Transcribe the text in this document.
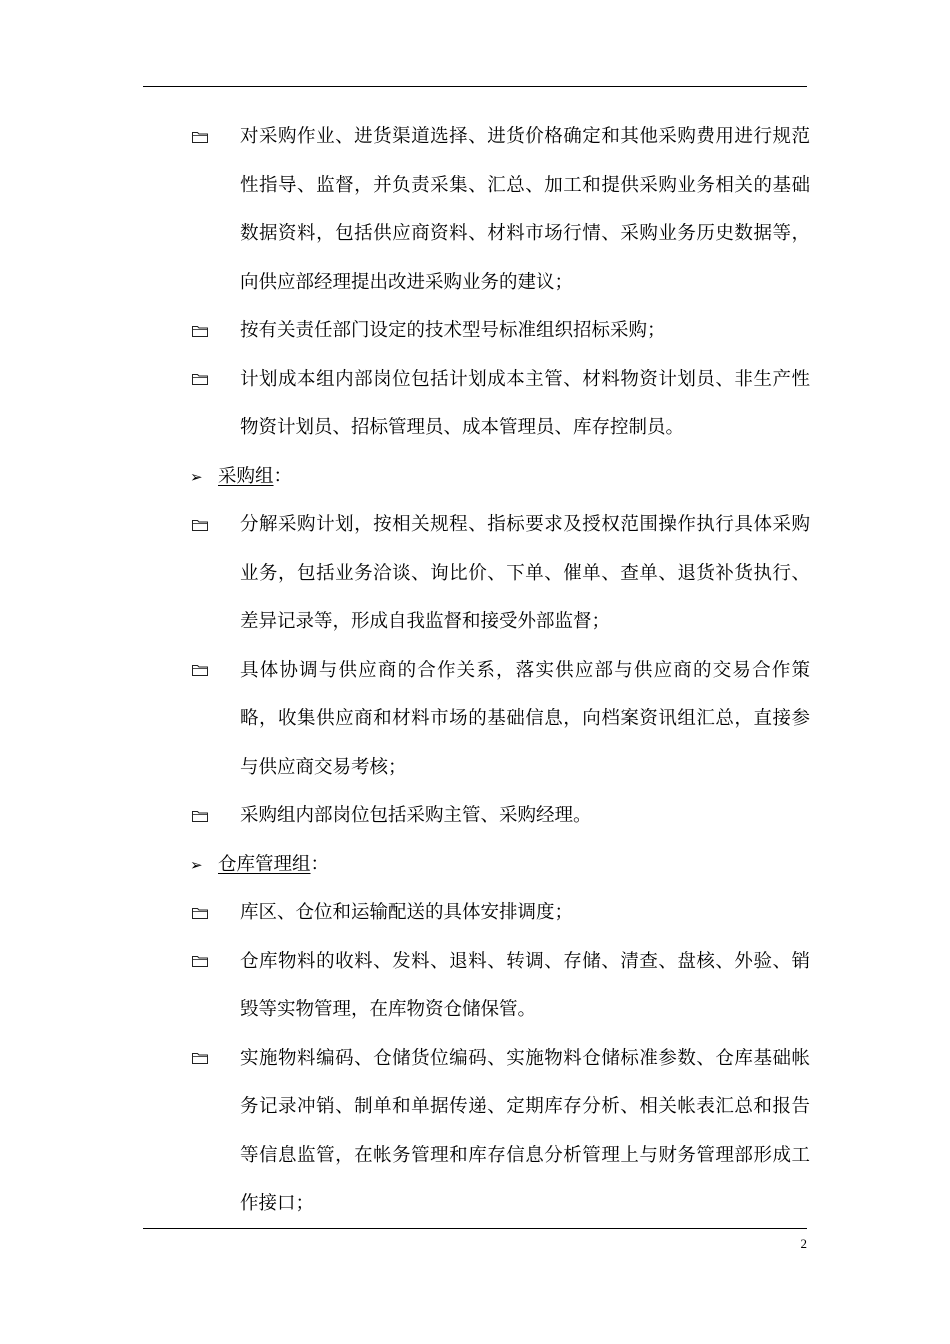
对采购作业、进货渠道选择、进货价格确定和其他采购费用进行规范性指导、监督，并负责采集、汇总、加工和提供采购业务相关的基础数据资料，包括供应商资料、材料市场行情、采购业务历史数据等，向供应部经理提出改进采购业务的建议；
按有关责任部门设定的技术型号标准组织招标采购；
计划成本组内部岗位包括计划成本主管、材料物资计划员、非生产性物资计划员、招标管理员、成本管理员、库存控制员。
➢ 采购组：
分解采购计划，按相关规程、指标要求及授权范围操作执行具体采购业务，包括业务洽谈、询比价、下单、催单、查单、退货补货执行、差异记录等，形成自我监督和接受外部监督；
具体协调与供应商的合作关系，落实供应部与供应商的交易合作策略，收集供应商和材料市场的基础信息，向档案资讯组汇总，直接参与供应商交易考核；
采购组内部岗位包括采购主管、采购经理。
➢ 仓库管理组：
库区、仓位和运输配送的具体安排调度；
仓库物料的收料、发料、退料、转调、存储、清查、盘核、外验、销毁等实物管理，在库物资仓储保管。
实施物料编码、仓储货位编码、实施物料仓储标准参数、仓库基础帐务记录冲销、制单和单据传递、定期库存分析、相关帐表汇总和报告等信息监管，在帐务管理和库存信息分析管理上与财务管理部形成工作接口；
2
